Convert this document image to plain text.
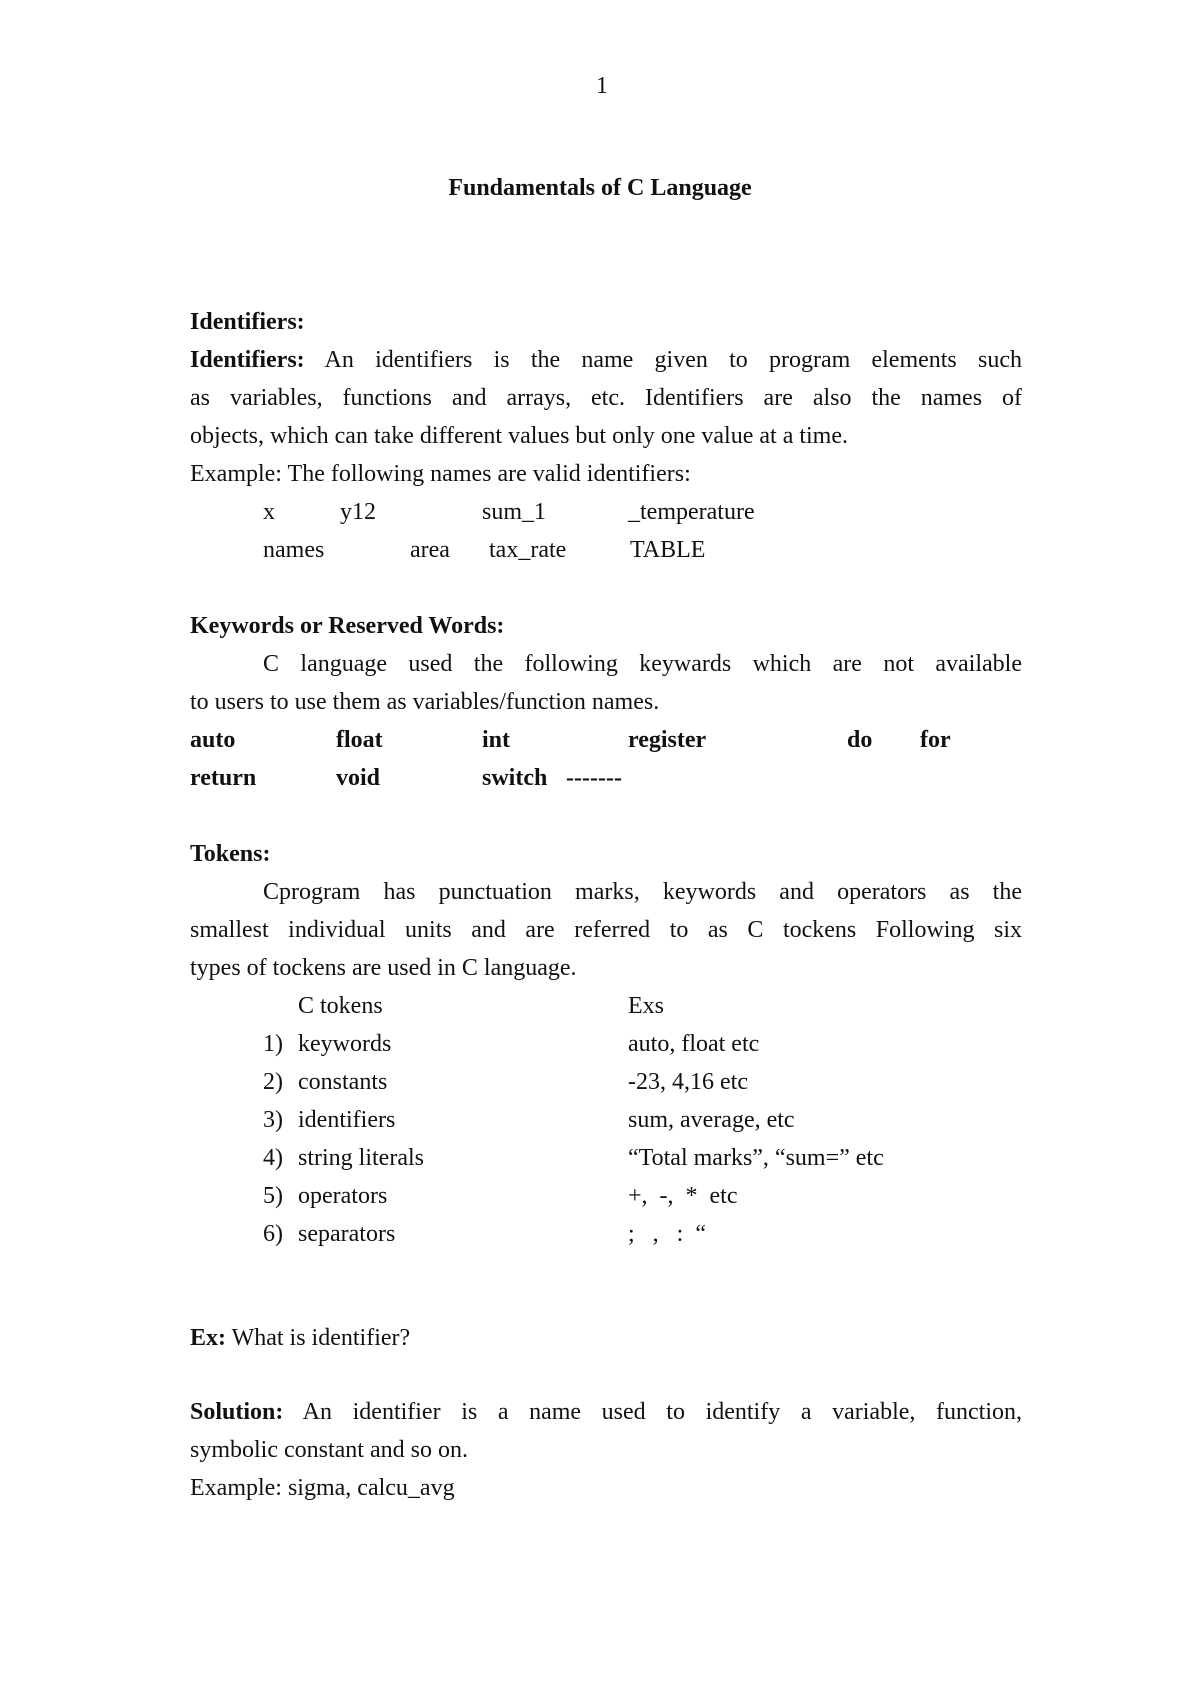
1
Fundamentals of C Language
Identifiers:
Identifiers: An identifiers is the name given to program elements such
as variables, functions and arrays, etc. Identifiers are also the names of
objects, which can take different values but only one value at a time.
Example: The following names are valid identifiers:
x	y12	sum_1	_temperature
names	area tax_rate	TABLE
Keywords or Reserved Words:
C language used the following keywards which are not available
to users to use them as variables/function names.
auto	float	int	register	do for
return	void	switch -------
Tokens:
Cprogram has punctuation marks, keywords and operators as the
smallest individual units and are referred to as C tockens Following six
types of tockens are used in C language.
C tokens	Exs
1) keywords	auto, float etc
2) constants	-23, 4,16 etc
3) identifiers	sum, average, etc
4) string literals	“Total marks”, “sum=” etc
5) operators	+,  -,  *  etc
6) separators	;   ,   :  “
Ex: What is identifier?
Solution: An identifier is a name used to identify a variable, function,
symbolic constant and so on.
Example: sigma, calcu_avg
